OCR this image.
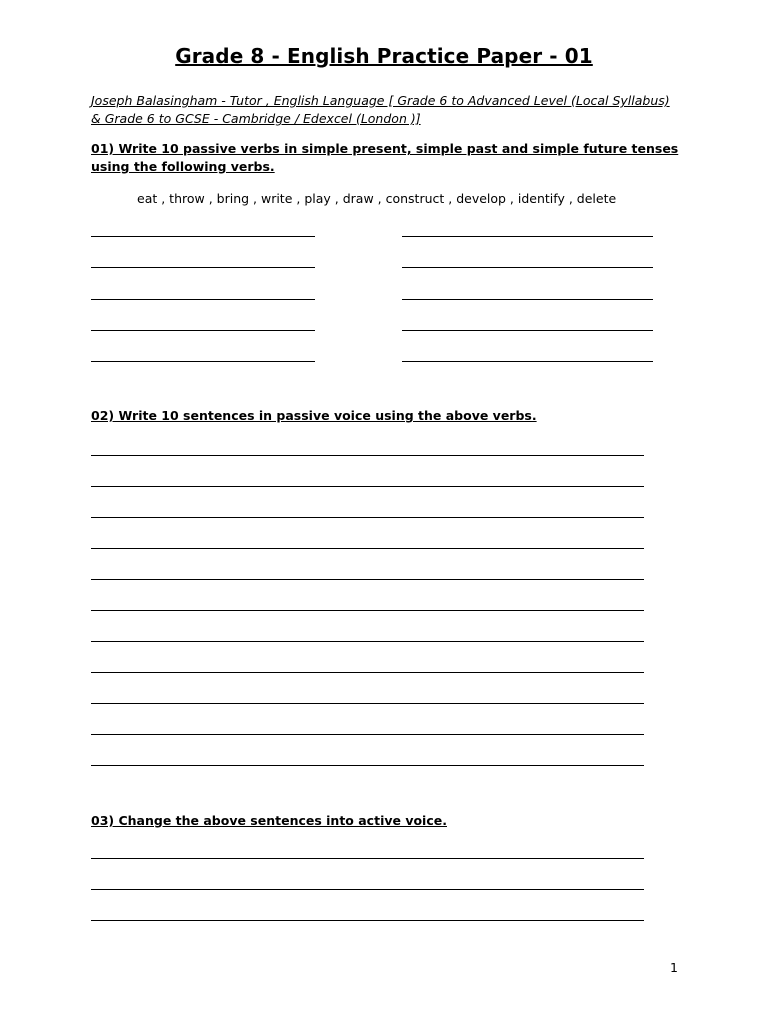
Grade 8 - English Practice Paper - 01
Joseph Balasingham - Tutor , English Language [ Grade 6 to Advanced Level (Local Syllabus) & Grade 6 to GCSE - Cambridge / Edexcel (London )]
01) Write 10 passive verbs in simple present, simple past and simple future tenses using the following verbs.
eat , throw , bring , write , play , draw , construct , develop , identify , delete
02) Write 10 sentences in passive voice using the above verbs.
03) Change the above sentences into active voice.
1
